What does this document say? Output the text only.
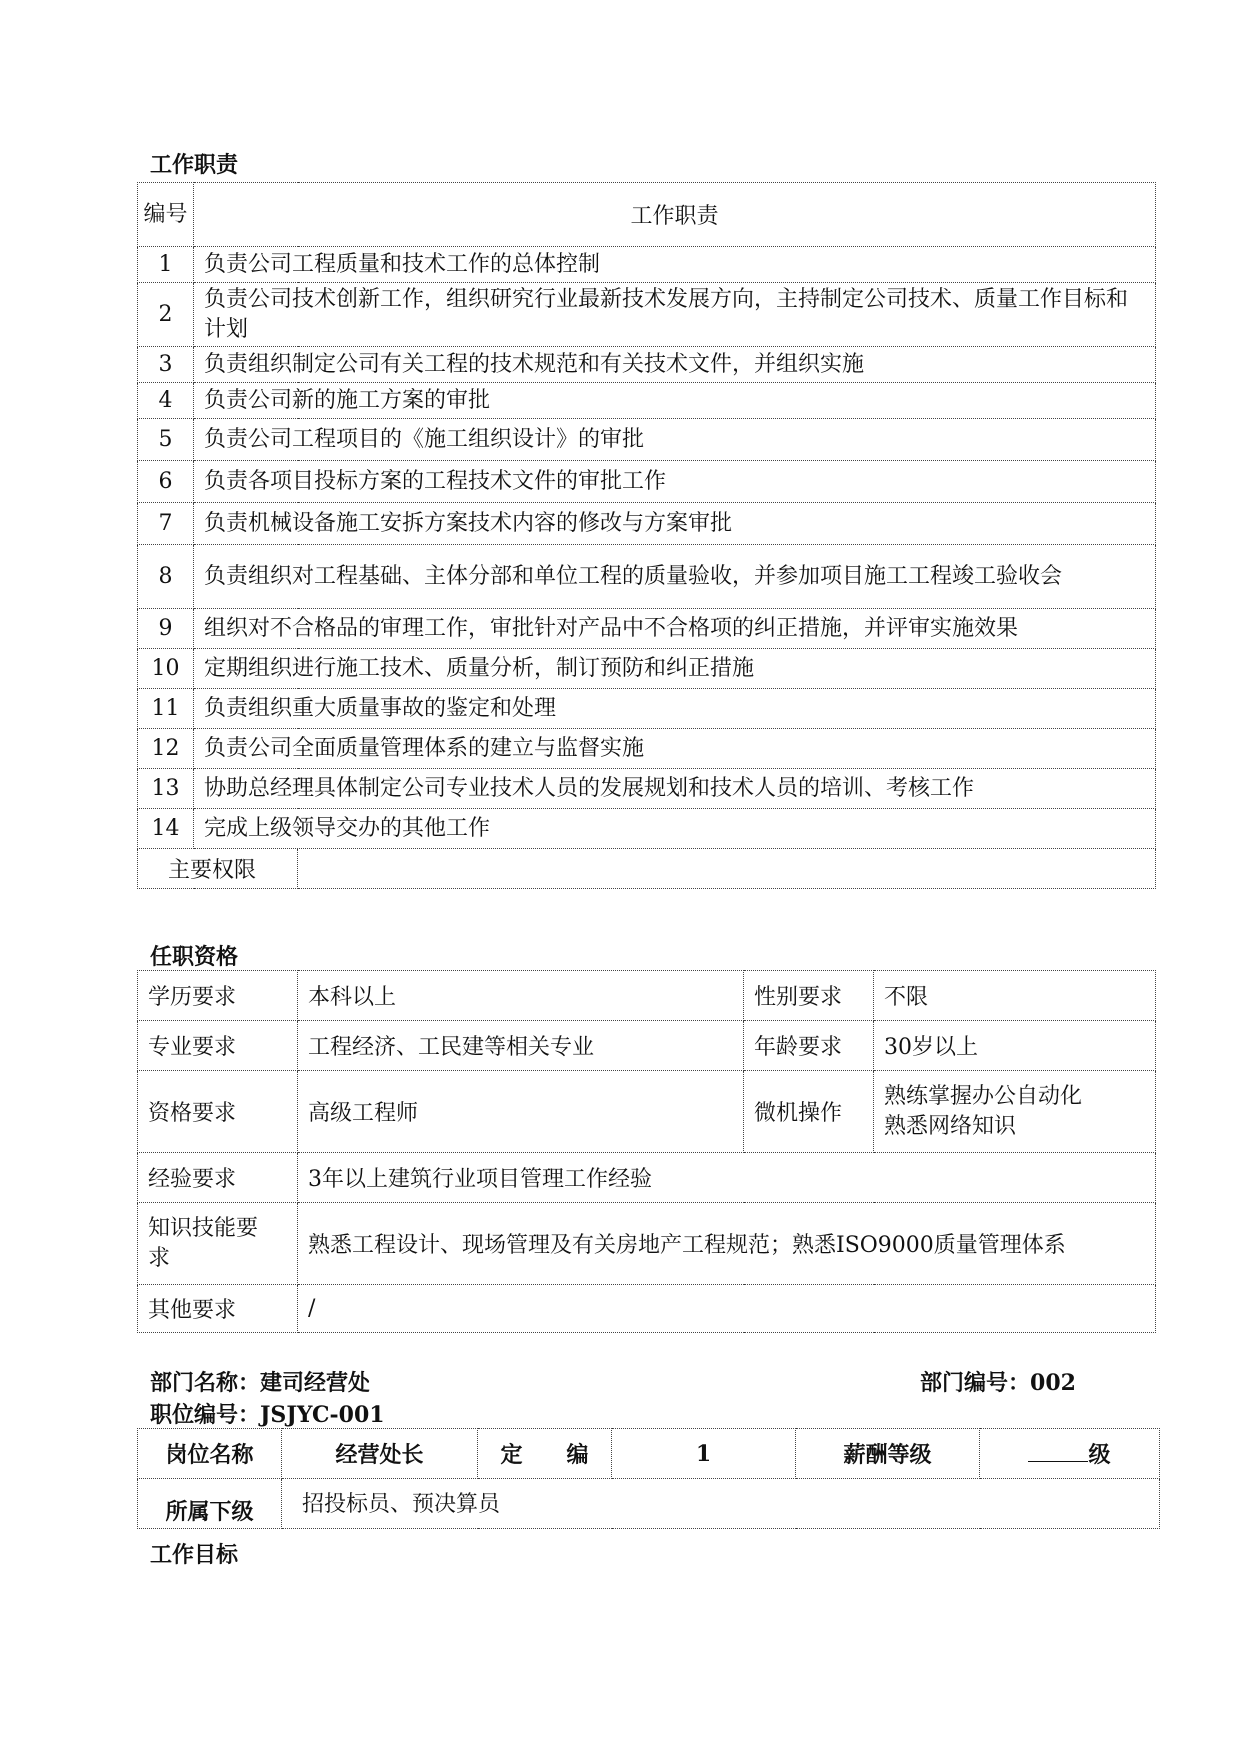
工作职责
编号	工作职责	
1	负责公司工程质量和技术工作的总体控制	
2	负责公司技术创新工作，组织研究行业最新技术发展方向，主持制定公司技术、质量工作目标和计划	
3	负责组织制定公司有关工程的技术规范和有关技术文件，并组织实施	
4	负责公司新的施工方案的审批	
5	负责公司工程项目的《施工组织设计》的审批	
6	负责各项目投标方案的工程技术文件的审批工作	
7	负责机械设备施工安拆方案技术内容的修改与方案审批	
8	负责组织对工程基础、主体分部和单位工程的质量验收，并参加项目施工工程竣工验收会	
9	组织对不合格品的审理工作，审批针对产品中不合格项的纠正措施，并评审实施效果	
10	定期组织进行施工技术、质量分析，制订预防和纠正措施	
11	负责组织重大质量事故的鉴定和处理	
12	负责公司全面质量管理体系的建立与监督实施	
13	协助总经理具体制定公司专业技术人员的发展规划和技术人员的培训、考核工作	
14	完成上级领导交办的其他工作	
主要权限		
任职资格
学历要求	本科以上	性别要求	不限
专业要求	工程经济、工民建等相关专业	年龄要求	30岁以上
资格要求	高级工程师	微机操作	熟练掌握办公自动化
熟悉网络知识

经验要求	3年以上建筑行业项目管理工作经验		

知识技能要
求	熟悉工程设计、现场管理及有关房地产工程规范；熟悉ISO9000质量管理体系		
其他要求	/		
部门名称：建司经营处	部门编号：002
职位编号：JSJYC-001
岗位名称	经营处长	定　　编	1	薪酬等级	级
所属下级	招投标员、预决算员				
工作目标
